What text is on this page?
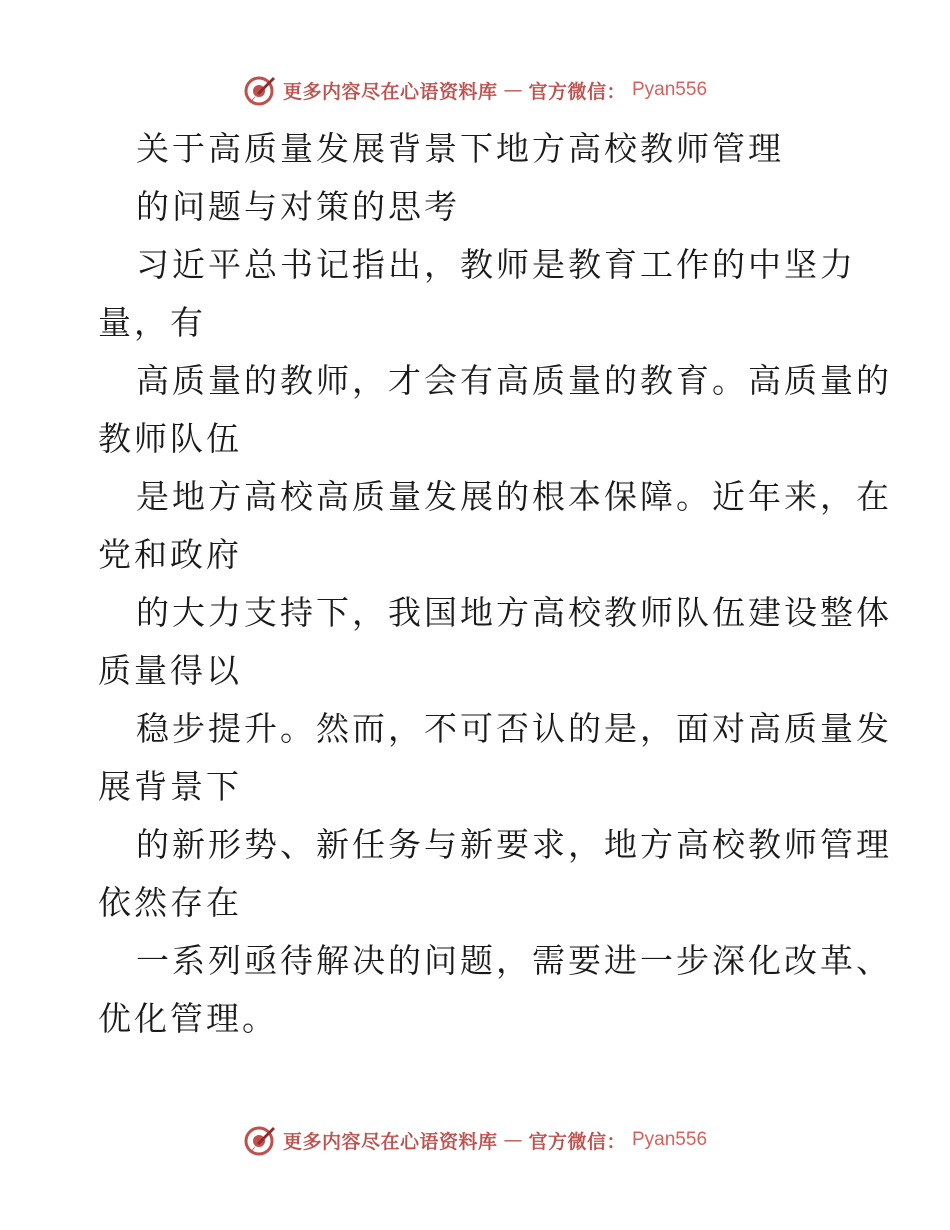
更多内容尽在心语资料库 — 官方微信： Pyan556
关于高质量发展背景下地方高校教师管理
的问题与对策的思考
习近平总书记指出，教师是教育工作的中坚力
量，有
高质量的教师，才会有高质量的教育。高质量的
教师队伍
是地方高校高质量发展的根本保障。近年来，在
党和政府
的大力支持下，我国地方高校教师队伍建设整体
质量得以
稳步提升。然而，不可否认的是，面对高质量发
展背景下
的新形势、新任务与新要求，地方高校教师管理
依然存在
一系列亟待解决的问题，需要进一步深化改革、
优化管理。
更多内容尽在心语资料库 — 官方微信： Pyan556
